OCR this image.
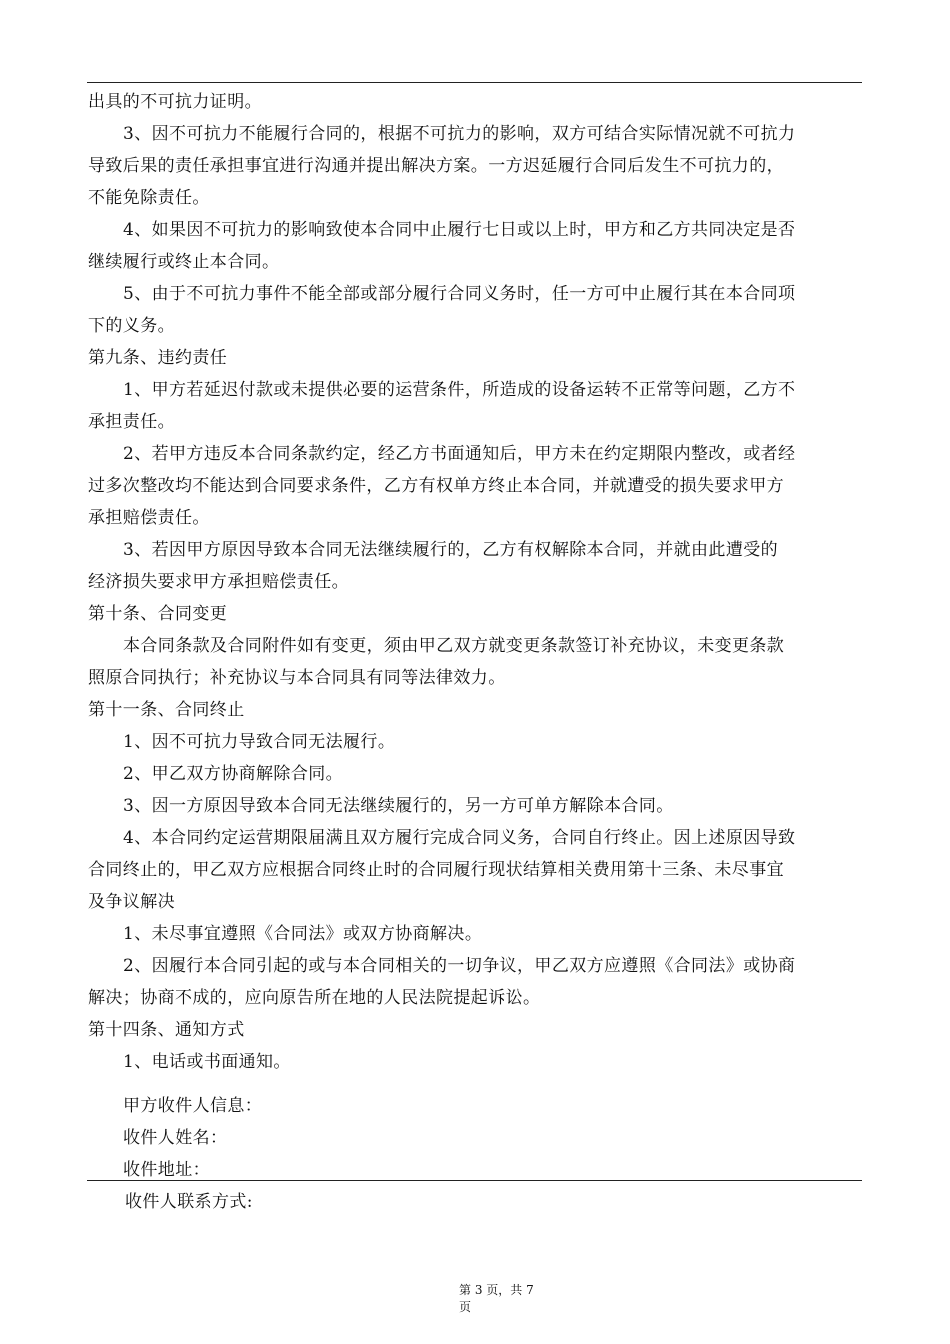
出具的不可抗力证明。
3、因不可抗力不能履行合同的，根据不可抗力的影响，双方可结合实际情况就不可抗力
导致后果的责任承担事宜进行沟通并提出解决方案。一方迟延履行合同后发生不可抗力的，
不能免除责任。
4、如果因不可抗力的影响致使本合同中止履行七日或以上时，甲方和乙方共同决定是否
继续履行或终止本合同。
5、由于不可抗力事件不能全部或部分履行合同义务时，任一方可中止履行其在本合同项
下的义务。
第九条、违约责任
1、甲方若延迟付款或未提供必要的运营条件，所造成的设备运转不正常等问题，乙方不
承担责任。
2、若甲方违反本合同条款约定，经乙方书面通知后，甲方未在约定期限内整改，或者经
过多次整改均不能达到合同要求条件，乙方有权单方终止本合同，并就遭受的损失要求甲方
承担赔偿责任。
3、若因甲方原因导致本合同无法继续履行的，乙方有权解除本合同，并就由此遭受的
经济损失要求甲方承担赔偿责任。
第十条、合同变更
本合同条款及合同附件如有变更，须由甲乙双方就变更条款签订补充协议，未变更条款
照原合同执行；补充协议与本合同具有同等法律效力。
第十一条、合同终止
1、因不可抗力导致合同无法履行。
2、甲乙双方协商解除合同。
3、因一方原因导致本合同无法继续履行的，另一方可单方解除本合同。
4、本合同约定运营期限届满且双方履行完成合同义务，合同自行终止。因上述原因导致
合同终止的，甲乙双方应根据合同终止时的合同履行现状结算相关费用第十三条、未尽事宜
及争议解决
1、未尽事宜遵照《合同法》或双方协商解决。
2、因履行本合同引起的或与本合同相关的一切争议，甲乙双方应遵照《合同法》或协商
解决；协商不成的，应向原告所在地的人民法院提起诉讼。
第十四条、通知方式
1、电话或书面通知。
甲方收件人信息：
收件人姓名：
收件地址：
收件人联系方式:
第 3 页，共 7
页
